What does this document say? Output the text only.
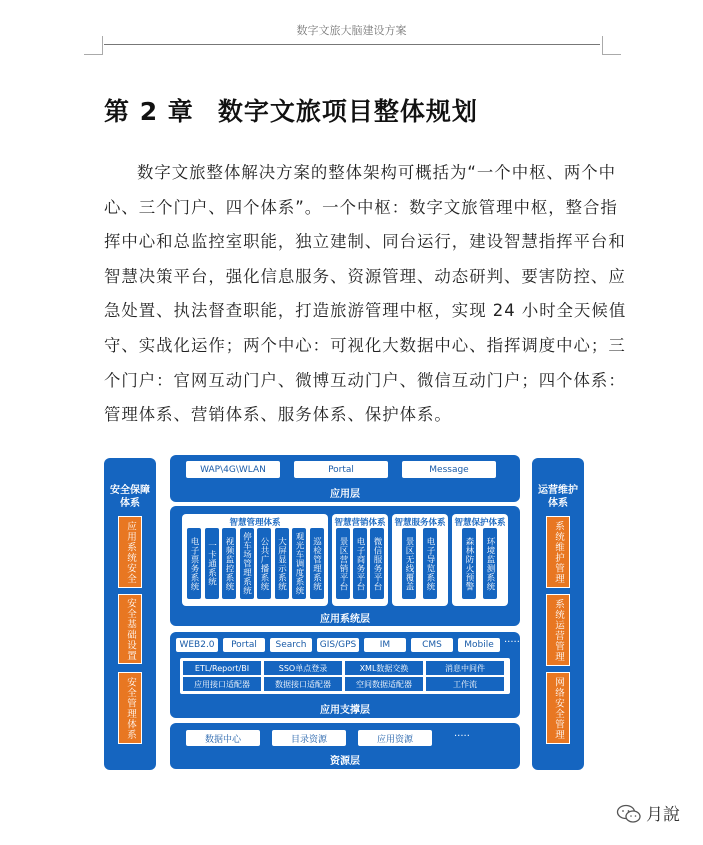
数字文旅大脑建设方案
第 2 章 数字文旅项目整体规划
数字文旅整体解决方案的整体架构可概括为“一个中枢、两个中
心、三个门户、四个体系”。一个中枢：数字文旅管理中枢，整合指
挥中心和总监控室职能，独立建制、同台运行，建设智慧指挥平台和
智慧决策平台，强化信息服务、资源管理、动态研判、要害防控、应
急处置、执法督查职能，打造旅游管理中枢，实现 24 小时全天候值
守、实战化运作；两个中心：可视化大数据中心、指挥调度中心；三
个门户：官网互动门户、微博互动门户、微信互动门户；四个体系：
管理体系、营销体系、服务体系、保护体系。
安全保障体系
应用系统安全
安全基础设置
安全管理体系
运营维护体系
系统维护管理
系统运营管理
网络安全管理
WAP\4G\WLAN	Portal	Message
应用层
智慧管理体系
电子票务系统 一卡通系统 视频监控系统 停车场管理系统 公共广播系统 大屏显示系统 观光车调度系统 巡检管理系统
智慧营销体系
景区营销平台 电子商务平台 微信服务平台
智慧服务体系
景区无线覆盖 电子导览系统
智慧保护体系
森林防火预警 环境监测系统
应用系统层
WEB2.0	Portal	Search	GIS/GPS	IM	CMS	Mobile	......
ETL/Report/BI	SSO单点登录	XML数据交换	消息中间件
应用接口适配器	数据接口适配器	空间数据适配器	工作流
应用支撑层
数据中心	目录资源	应用资源
.....
资源层
月說
